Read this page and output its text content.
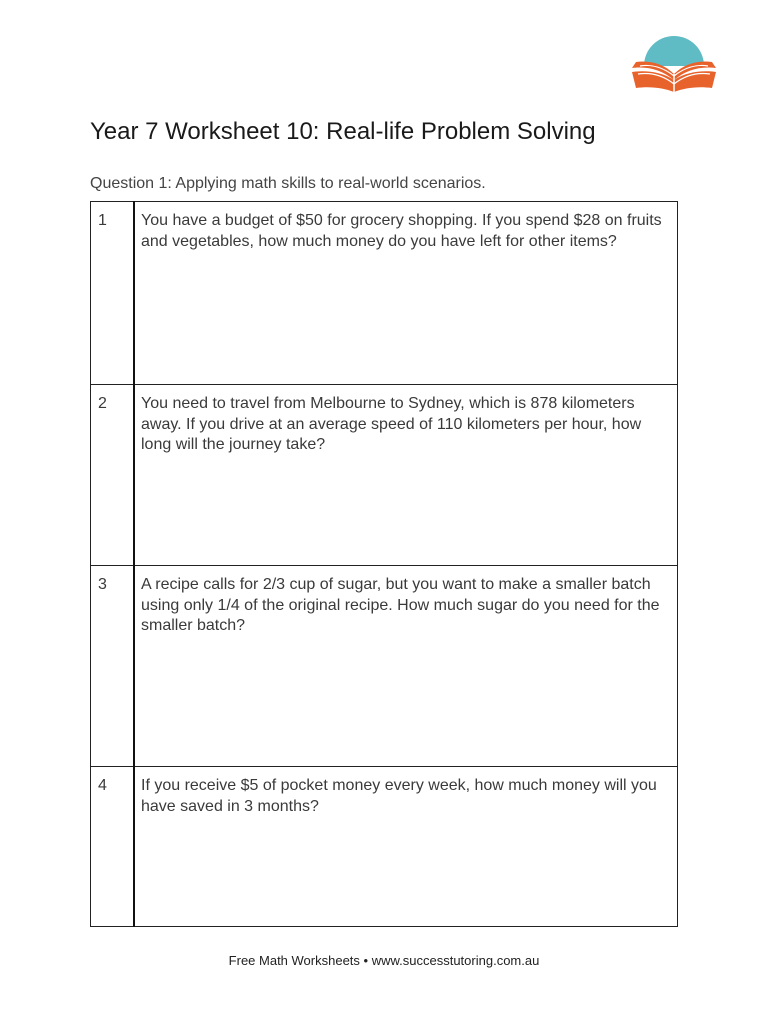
Year 7 Worksheet 10: Real-life Problem Solving
Question 1: Applying math skills to real-world scenarios.
1	You have a budget of $50 for grocery shopping. If you spend $28 on fruits and vegetables, how much money do you have left for other items?

2	You need to travel from Melbourne to Sydney, which is 878 kilometers away. If you drive at an average speed of 110 kilometers per hour, how long will the journey take?

3	A recipe calls for 2/3 cup of sugar, but you want to make a smaller batch using only 1/4 of the original recipe. How much sugar do you need for the smaller batch?

4	If you receive $5 of pocket money every week, how much money will you have saved in 3 months?
Free Math Worksheets • www.successtutoring.com.au
